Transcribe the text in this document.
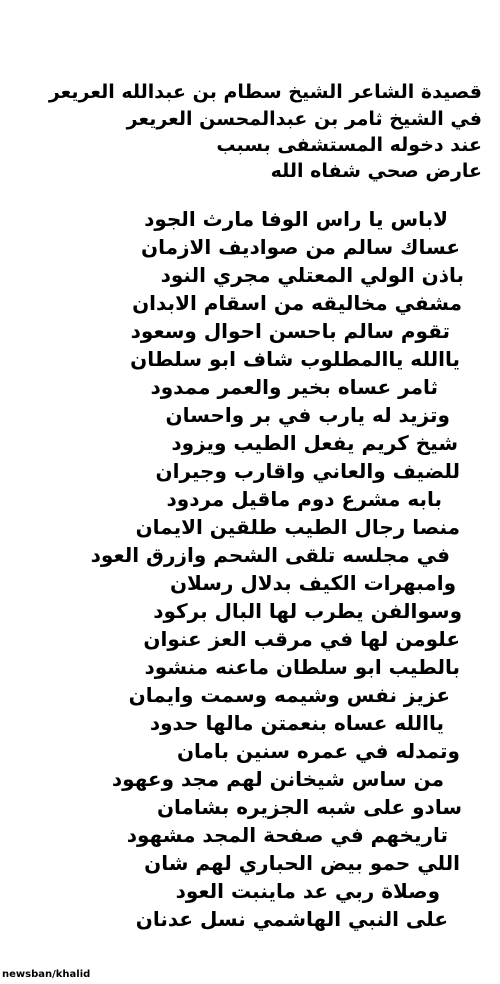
قصيدة الشاعر الشيخ سطام بن عبدالله العريعر
في الشيخ ثامر بن عبدالمحسن العريعر
عند دخوله المستشفى بسبب
عارض صحي شفاه الله
لاباس يا راس الوفا مارث الجود
عساك سالم من صواديف الازمان
باذن الولي المعتلي مجري النود
مشفي مخاليقه من اسقام الابدان
تقوم سالم باحسن احوال وسعود
ياالله ياالمطلوب شاف ابو سلطان
ثامر عساه بخير والعمر ممدود
وتزيد له يارب في بر واحسان
شيخ كريم يفعل الطيب ويزود
للضيف والعاني واقارب وجيران
بابه مشرع دوم ماقيل مردود
منصا رجال الطيب طلقين الايمان
في مجلسه تلقى الشحم وازرق العود
وامبهرات الكيف بدلال رسلان
وسوالفن يطرب لها البال بركود
علومن لها في مرقب العز عنوان
بالطيب ابو سلطان ماعنه منشود
عزيز نفس وشيمه وسمت وايمان
ياالله عساه بنعمتن مالها حدود
وتمدله في عمره سنين بامان
من ساس شيخانن لهم مجد وعهود
سادو على شبه الجزيره بشامان
تاريخهم في صفحة المجد مشهود
اللي حمو بيض الحباري لهم شان
وصلاة ربي عد ماينبت العود
على النبي الهاشمي نسل عدنان
newsban/khalid
